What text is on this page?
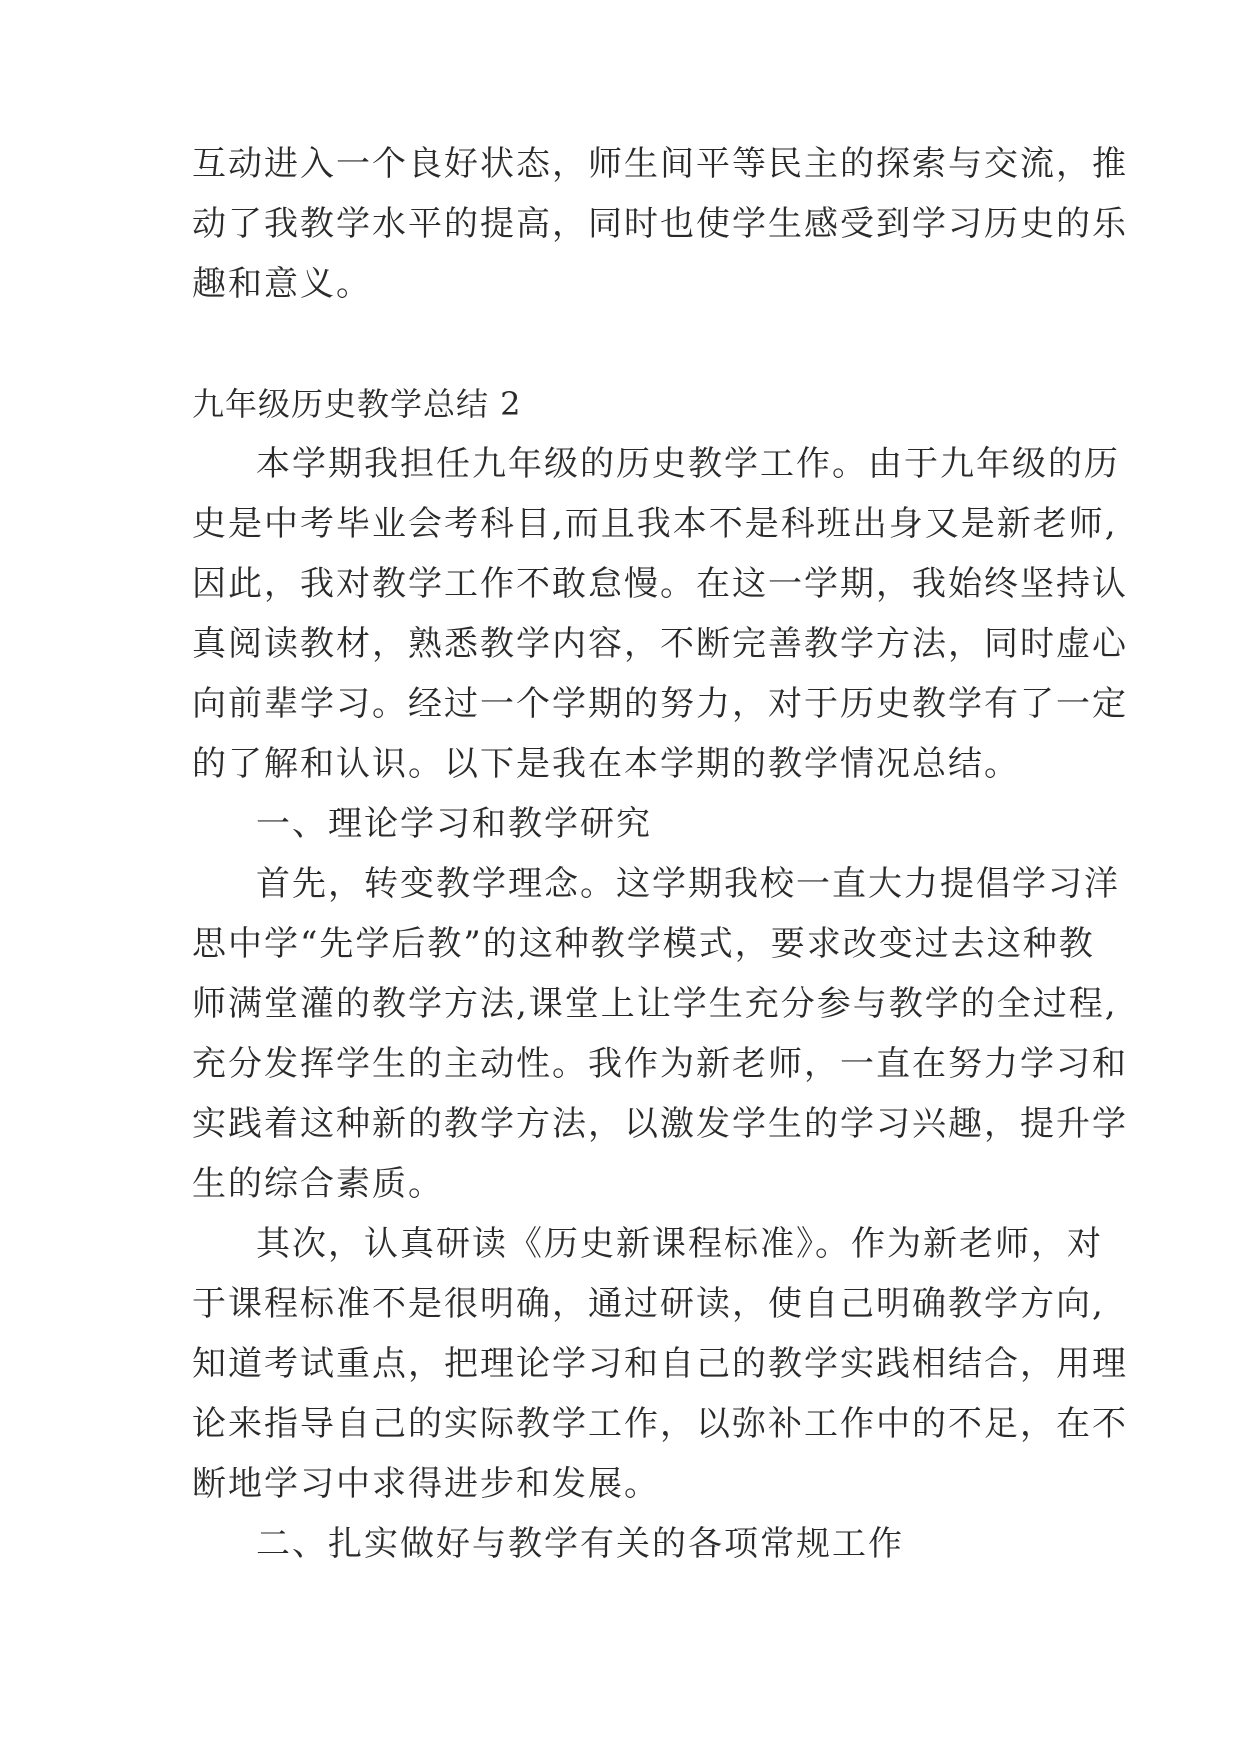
互动进入一个良好状态，师生间平等民主的探索与交流，推
动了我教学水平的提高，同时也使学生感受到学习历史的乐
趣和意义。
九年级历史教学总结 2
本学期我担任九年级的历史教学工作。由于九年级的历
史是中考毕业会考科目,而且我本不是科班出身又是新老师,
因此，我对教学工作不敢怠慢。在这一学期，我始终坚持认
真阅读教材，熟悉教学内容，不断完善教学方法，同时虚心
向前辈学习。经过一个学期的努力，对于历史教学有了一定
的了解和认识。以下是我在本学期的教学情况总结。
一、理论学习和教学研究
首先，转变教学理念。这学期我校一直大力提倡学习洋
思中学“先学后教”的这种教学模式，要求改变过去这种教
师满堂灌的教学方法,课堂上让学生充分参与教学的全过程,
充分发挥学生的主动性。我作为新老师，一直在努力学习和
实践着这种新的教学方法，以激发学生的学习兴趣，提升学
生的综合素质。
其次，认真研读《历史新课程标准》。作为新老师，对
于课程标准不是很明确，通过研读，使自己明确教学方向,
知道考试重点，把理论学习和自己的教学实践相结合，用理
论来指导自己的实际教学工作，以弥补工作中的不足，在不
断地学习中求得进步和发展。
二、扎实做好与教学有关的各项常规工作
